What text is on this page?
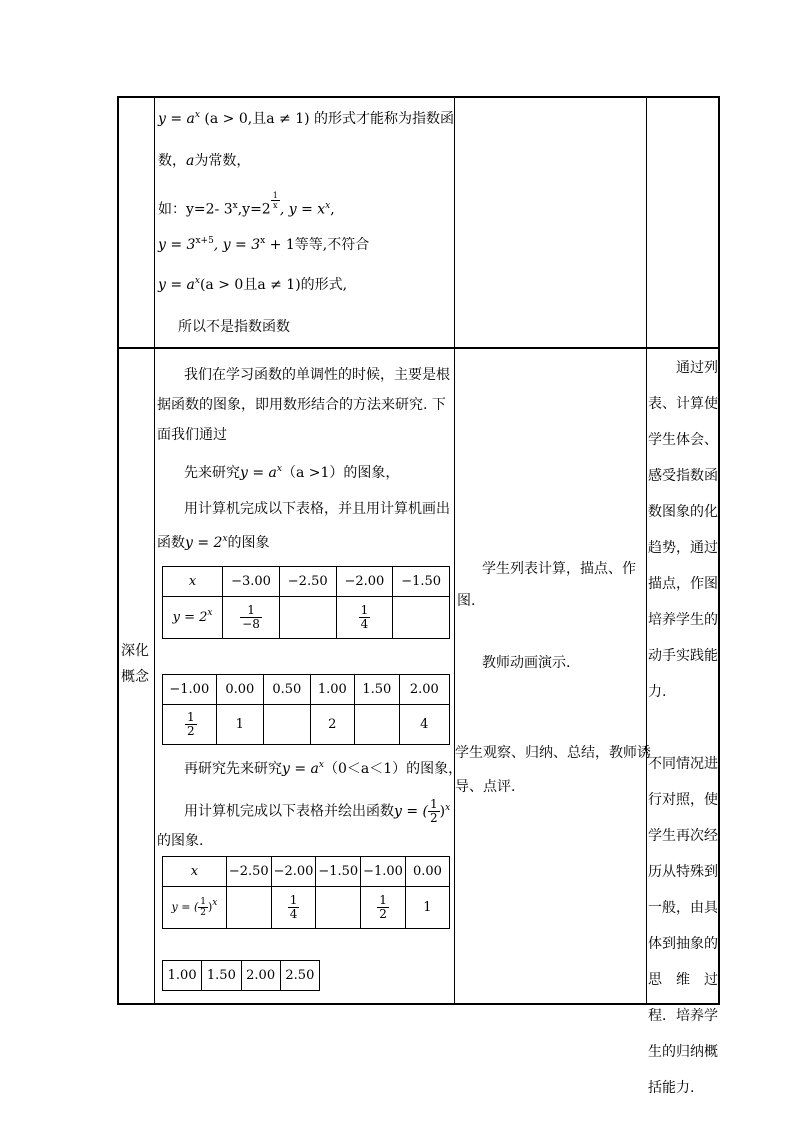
$y = a^x$ (a > 0,且a ≠ 1) 的形式才能称为指数函
数，a为常数，
如：y=2- $3^x,y=2 \frac{1}{x}$ , $y = x^x$,
$y = 3^{x+5}$, $y = 3^x + 1$等等,不符合
$y = a^x(a > 0$且a ≠ 1)的形式,
所以不是指数函数
深化
概念
我们在学习函数的单调性的时候，主要是根
据函数的图象，即用数形结合的方法来研究. 下
面我们通过
先来研究$y = a^x(a >1)$的图象，
用计算机完成以下表格，并且用计算机画出
函数$y = 2^x$的图象
x	−3.00	−2.50	−2.00	−1.50
$y = 2^x$	$\frac{1}{-8}$		$\frac{1}{4}$

−1.00	0.00	0.50	1.00	1.50	2.00

$\frac{1}{2}$	1		2		4
再研究先来研究$y = a^x(0<a<1)$的图象，
用计算机完成以下表格并绘出函数y = ( $\frac{1}{2} )^x$
的图象.
x	−2.50	−2.00	−1.50	−1.00	0.00
y = ( $\frac{1}{2} )^x$		$\frac{1}{4}$		$\frac{1}{2}$	1
1.00	1.50	2.00	2.50
学生列表计算，描点、作
图.
教师动画演示.
学生观察、归纳、总结，教师诱
导、点评.
通过列
表、计算使
学生体会、
感受指数函
数图象的化
趋势，通过
描点，作图
培养学生的
动手实践能
力.
不同情况进
行对照，使
学生再次经
历从特殊到
一般，由具
体到抽象的
思　维　过
程．培养学
生的归纳概
括能力.
